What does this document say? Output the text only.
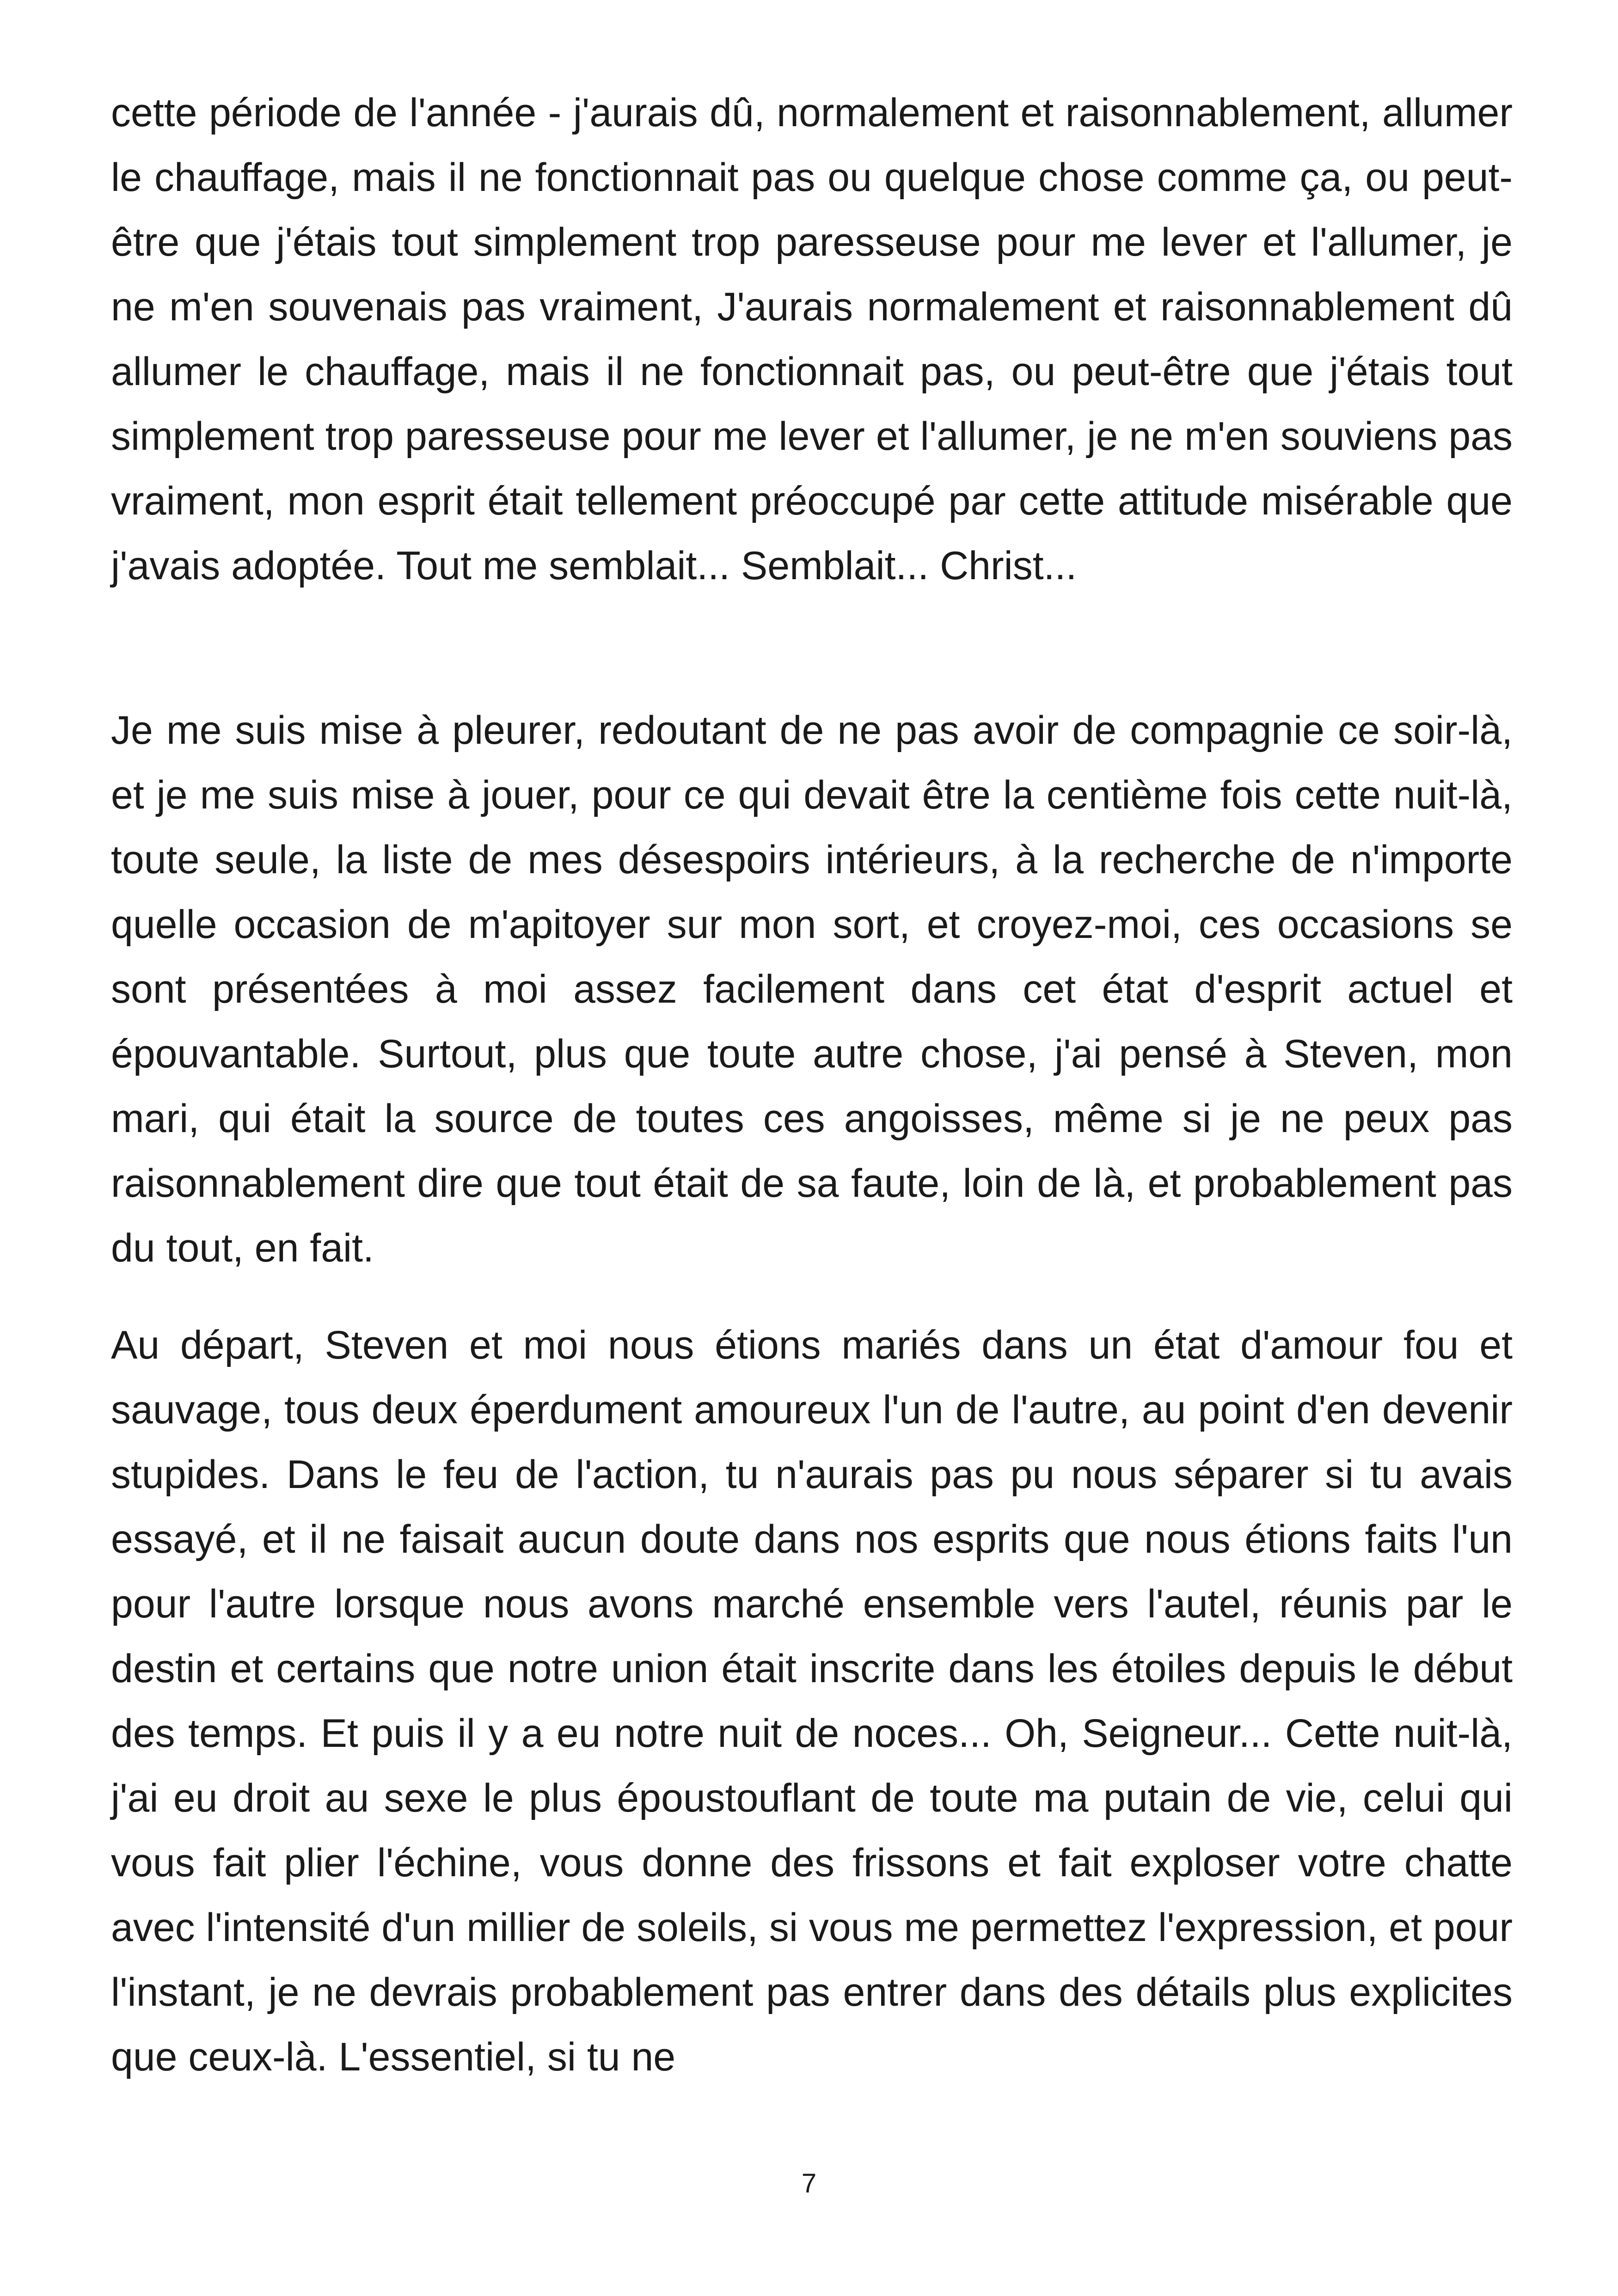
cette période de l'année - j'aurais dû, normalement et raisonnablement, allumer le chauffage, mais il ne fonctionnait pas ou quelque chose comme ça, ou peut-être que j'étais tout simplement trop paresseuse pour me lever et l'allumer, je ne m'en souvenais pas vraiment, J'aurais normalement et raisonnablement dû allumer le chauffage, mais il ne fonctionnait pas, ou peut-être que j'étais tout simplement trop paresseuse pour me lever et l'allumer, je ne m'en souviens pas vraiment, mon esprit était tellement préoccupé par cette attitude misérable que j'avais adoptée. Tout me semblait... Semblait... Christ...

Je me suis mise à pleurer, redoutant de ne pas avoir de compagnie ce soir-là, et je me suis mise à jouer, pour ce qui devait être la centième fois cette nuit-là, toute seule, la liste de mes désespoirs intérieurs, à la recherche de n'importe quelle occasion de m'apitoyer sur mon sort, et croyez-moi, ces occasions se sont présentées à moi assez facilement dans cet état d'esprit actuel et épouvantable. Surtout, plus que toute autre chose, j'ai pensé à Steven, mon mari, qui était la source de toutes ces angoisses, même si je ne peux pas raisonnablement dire que tout était de sa faute, loin de là, et probablement pas du tout, en fait.

Au départ, Steven et moi nous étions mariés dans un état d'amour fou et sauvage, tous deux éperdument amoureux l'un de l'autre, au point d'en devenir stupides. Dans le feu de l'action, tu n'aurais pas pu nous séparer si tu avais essayé, et il ne faisait aucun doute dans nos esprits que nous étions faits l'un pour l'autre lorsque nous avons marché ensemble vers l'autel, réunis par le destin et certains que notre union était inscrite dans les étoiles depuis le début des temps. Et puis il y a eu notre nuit de noces... Oh, Seigneur... Cette nuit-là, j'ai eu droit au sexe le plus époustouflant de toute ma putain de vie, celui qui vous fait plier l'échine, vous donne des frissons et fait exploser votre chatte avec l'intensité d'un millier de soleils, si vous me permettez l'expression, et pour l'instant, je ne devrais probablement pas entrer dans des détails plus explicites que ceux-là. L'essentiel, si tu ne

7
